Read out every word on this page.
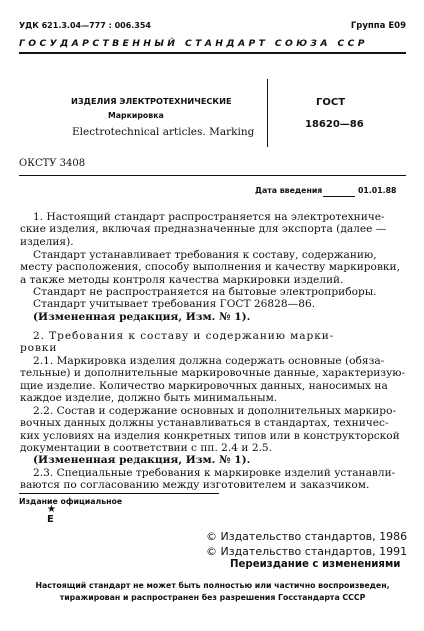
УДК 621.3.04—777 : 006.354	Группа Е09
ГОСУДАРСТВЕННЫЙ СТАНДАРТ СОЮЗА ССР
ИЗДЕЛИЯ ЭЛЕКТРОТЕХНИЧЕСКИЕ
Маркировка
Electrotechnical articles. Marking
ГОСТ
18620—86
ОКСТУ 3408
Дата введения	01.01.88
1. Настоящий стандарт распространяется на электротехниче-
ские изделия, включая предназначенные для экспорта (далее —
изделия).
Стандарт устанавливает требования к составу, содержанию,
месту расположения, способу выполнения и качеству маркировки,
а также методы контроля качества маркировки изделий.
Стандарт не распространяется на бытовые электроприборы.
Стандарт учитывает требования ГОСТ 26828—86.
(Измененная редакция, Изм. № 1).
2. Требования к составу и содержанию марки-
ровки
2.1. Маркировка изделия должна содержать основные (обяза-
тельные) и дополнительные маркировочные данные, характеризую-
щие изделие. Количество маркировочных данных, наносимых на
каждое изделие, должно быть минимальным.
2.2. Состав и содержание основных и дополнительных маркиро-
вочных данных должны устанавливаться в стандартах, техничес-
ких условиях на изделия конкретных типов или в конструкторской
документации в соответствии с пп. 2.4 и 2.5.
(Измененная редакция, Изм. № 1).
2.3. Специальные требования к маркировке изделий устанавли-
ваются по согласованию между изготовителем и заказчиком.
Издание официальное
★
Е
© Издательство стандартов, 1986
© Издательство стандартов, 1991
Переиздание с изменениями
Настоящий стандарт не может быть полностью или частично воспроизведен,
тиражирован и распространен без разрешения Госстандарта СССР
